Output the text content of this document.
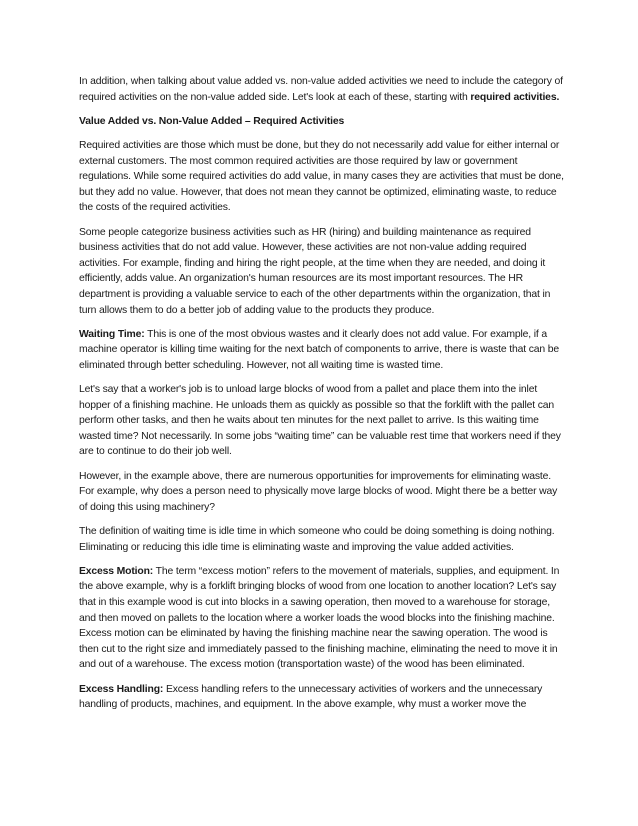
In addition, when talking about value added vs. non-value added activities we need to include the category of required activities on the non-value added side. Let's look at each of these, starting with required activities.

Value Added vs. Non-Value Added – Required Activities

Required activities are those which must be done, but they do not necessarily add value for either internal or external customers. The most common required activities are those required by law or government regulations. While some required activities do add value, in many cases they are activities that must be done, but they add no value. However, that does not mean they cannot be optimized, eliminating waste, to reduce the costs of the required activities.

Some people categorize business activities such as HR (hiring) and building maintenance as required business activities that do not add value. However, these activities are not non-value adding required activities. For example, finding and hiring the right people, at the time when they are needed, and doing it efficiently, adds value. An organization's human resources are its most important resources. The HR department is providing a valuable service to each of the other departments within the organization, that in turn allows them to do a better job of adding value to the products they produce.

Waiting Time: This is one of the most obvious wastes and it clearly does not add value. For example, if a machine operator is killing time waiting for the next batch of components to arrive, there is waste that can be eliminated through better scheduling. However, not all waiting time is wasted time.

Let's say that a worker's job is to unload large blocks of wood from a pallet and place them into the inlet hopper of a finishing machine. He unloads them as quickly as possible so that the forklift with the pallet can perform other tasks, and then he waits about ten minutes for the next pallet to arrive. Is this waiting time wasted time? Not necessarily. In some jobs “waiting time” can be valuable rest time that workers need if they are to continue to do their job well.

However, in the example above, there are numerous opportunities for improvements for eliminating waste. For example, why does a person need to physically move large blocks of wood. Might there be a better way of doing this using machinery?

The definition of waiting time is idle time in which someone who could be doing something is doing nothing. Eliminating or reducing this idle time is eliminating waste and improving the value added activities.

Excess Motion: The term “excess motion” refers to the movement of materials, supplies, and equipment. In the above example, why is a forklift bringing blocks of wood from one location to another location? Let's say that in this example wood is cut into blocks in a sawing operation, then moved to a warehouse for storage, and then moved on pallets to the location where a worker loads the wood blocks into the finishing machine. Excess motion can be eliminated by having the finishing machine near the sawing operation. The wood is then cut to the right size and immediately passed to the finishing machine, eliminating the need to move it in and out of a warehouse. The excess motion (transportation waste) of the wood has been eliminated.

Excess Handling: Excess handling refers to the unnecessary activities of workers and the unnecessary handling of products, machines, and equipment. In the above example, why must a worker move the
